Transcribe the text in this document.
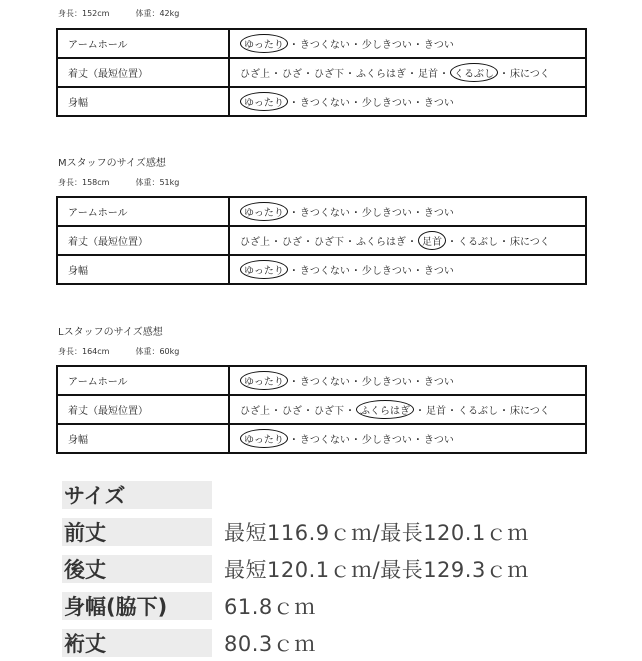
身長：152cm	体重：42kg
アームホール	ゆったり ・きつくない・少しきつい・きつい
着丈（最短位置）	ひざ上・ひざ・ひざ下・ふくらはぎ・足首・ くるぶし ・床につく
身幅	ゆったり ・きつくない・少しきつい・きつい
Mスタッフのサイズ感想
身長：158cm	体重：51kg
アームホール	ゆったり ・きつくない・少しきつい・きつい
着丈（最短位置）	ひざ上・ひざ・ひざ下・ふくらはぎ・ 足首 ・くるぶし・床につく
身幅	ゆったり ・きつくない・少しきつい・きつい
Lスタッフのサイズ感想
身長：164cm	体重：60kg
アームホール	ゆったり ・きつくない・少しきつい・きつい
着丈（最短位置）	ひざ上・ひざ・ひざ下・ ふくらはぎ ・足首・くるぶし・床につく
身幅	ゆったり ・きつくない・少しきつい・きつい
サイズ
前丈	最短116.9ｃｍ/最長120.1ｃｍ
後丈	最短120.1ｃｍ/最長129.3ｃｍ
身幅(脇下)	61.8ｃｍ
裄丈	80.3ｃｍ
